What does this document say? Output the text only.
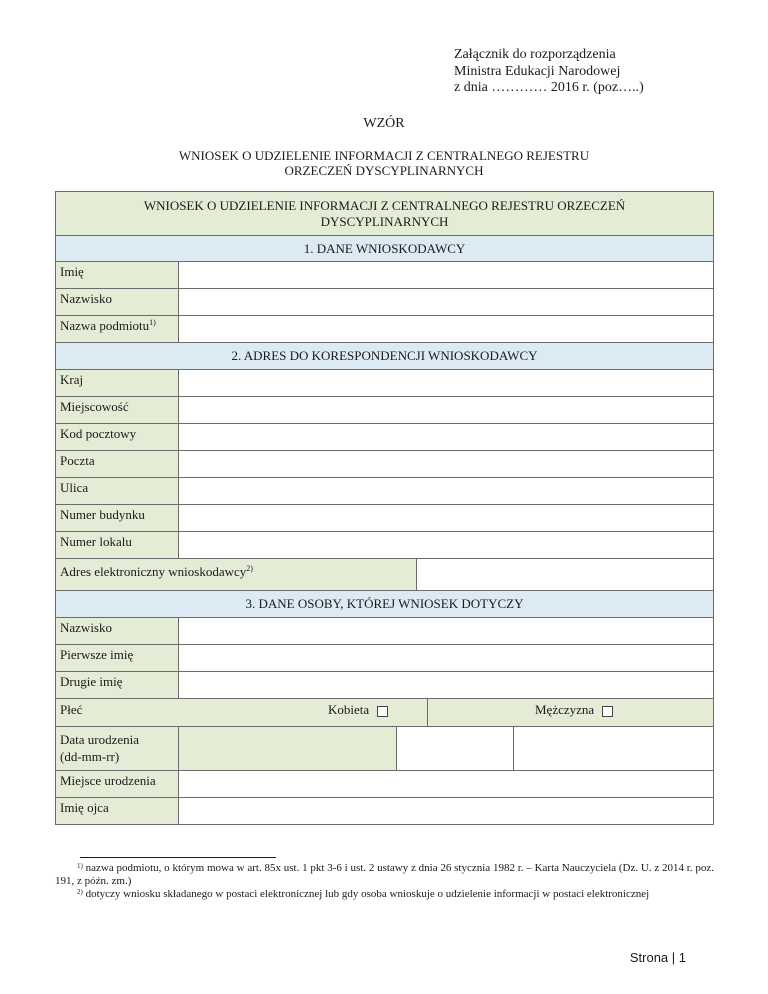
Załącznik do rozporządzenia
Ministra Edukacji Narodowej
z dnia ………… 2016 r. (poz…..)
WZÓR
WNIOSEK O UDZIELENIE INFORMACJI Z CENTRALNEGO REJESTRU
ORZECZEŃ DYSCYPLINARNYCH
WNIOSEK O UDZIELENIE INFORMACJI Z CENTRALNEGO REJESTRU ORZECZEŃ
DYSCYPLINARNYCH
1. DANE WNIOSKODAWCY
Imię
Nazwisko
Nazwa podmiotu$^{1)}$
2. ADRES DO KORESPONDENCJI WNIOSKODAWCY
Kraj
Miejscowość
Kod pocztowy
Poczta
Ulica
Numer budynku
Numer lokalu
Adres elektroniczny wnioskodawcy$^{2)}$
3. DANE OSOBY, KTÓREJ WNIOSEK DOTYCZY
Nazwisko
Pierwsze imię
Drugie imię
Płeć	Kobieta	Mężczyzna
Data urodzenia
(dd-mm-rr)
Miejsce urodzenia
Imię ojca
$^{1)}$ nazwa podmiotu, o którym mowa w art. 85x ust. 1 pkt 3-6 i ust. 2 ustawy z dnia 26 stycznia 1982 r. – Karta Nauczyciela (Dz. U. z 2014 r. poz. 191, z późn. zm.)
$^{2)}$ dotyczy wniosku składanego w postaci elektronicznej lub gdy osoba wnioskuje o udzielenie informacji w postaci elektronicznej
Strona | 1
